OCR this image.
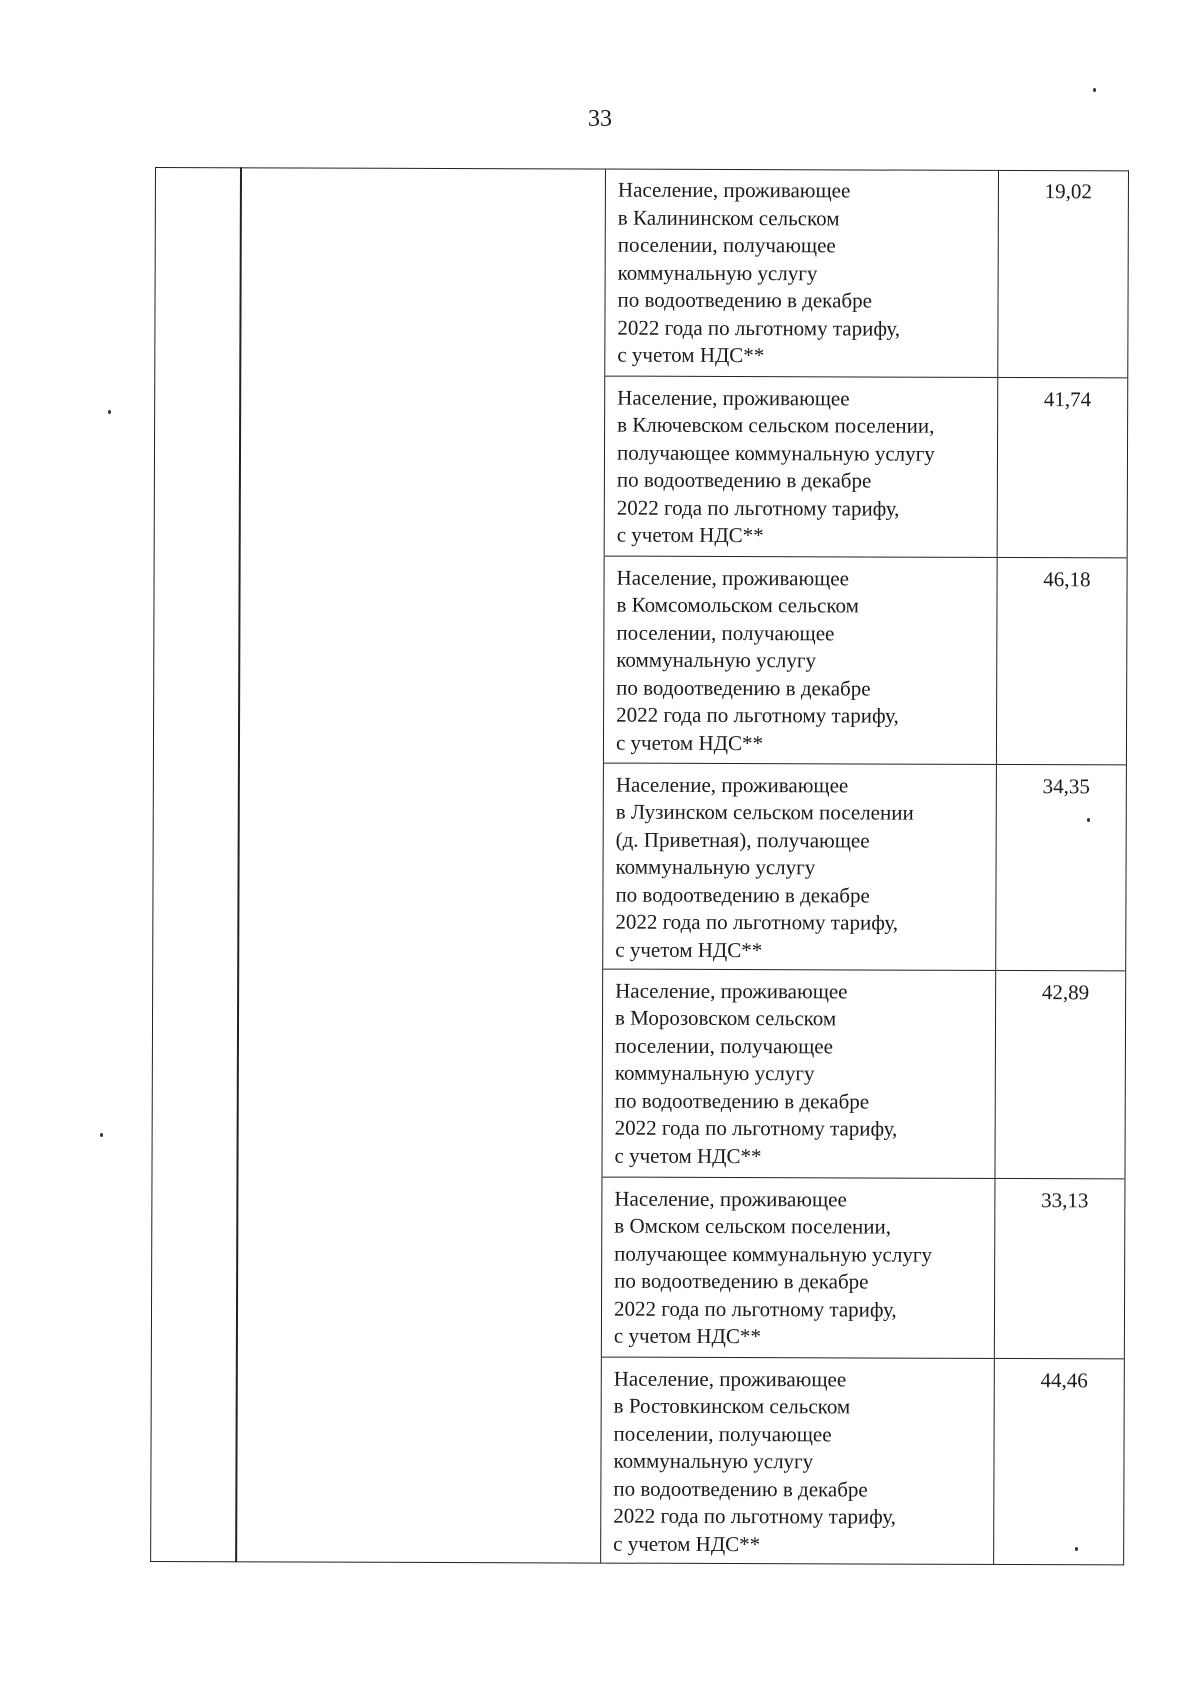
33
Население, проживающее
в Калининском сельском
поселении, получающее
коммунальную услугу
по водоотведению в декабре
2022 года по льготному тарифу,
с учетом НДС**
19,02
Население, проживающее
в Ключевском сельском поселении,
получающее коммунальную услугу
по водоотведению в декабре
2022 года по льготному тарифу,
с учетом НДС**
41,74
Население, проживающее
в Комсомольском сельском
поселении, получающее
коммунальную услугу
по водоотведению в декабре
2022 года по льготному тарифу,
с учетом НДС**
46,18
Население, проживающее
в Лузинском сельском поселении
(д. Приветная), получающее
коммунальную услугу
по водоотведению в декабре
2022 года по льготному тарифу,
с учетом НДС**
34,35
Население, проживающее
в Морозовском сельском
поселении, получающее
коммунальную услугу
по водоотведению в декабре
2022 года по льготному тарифу,
с учетом НДС**
42,89
Население, проживающее
в Омском сельском поселении,
получающее коммунальную услугу
по водоотведению в декабре
2022 года по льготному тарифу,
с учетом НДС**
33,13
Население, проживающее
в Ростовкинском сельском
поселении, получающее
коммунальную услугу
по водоотведению в декабре
2022 года по льготному тарифу,
с учетом НДС**
44,46
